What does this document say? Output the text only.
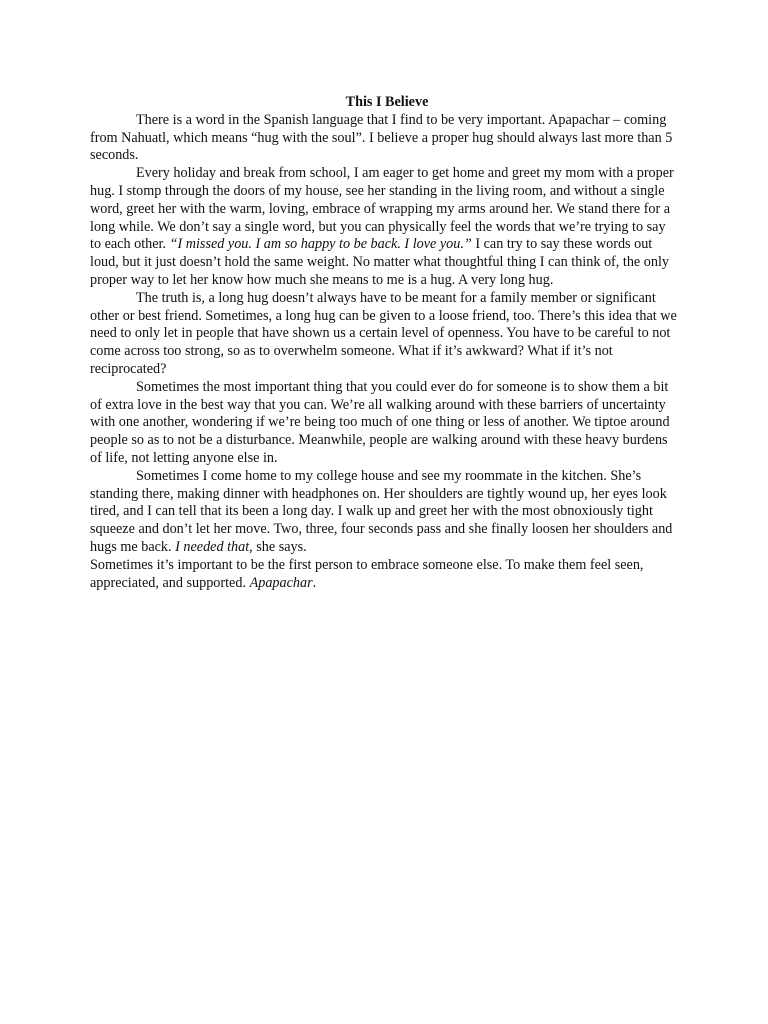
This I Believe

There is a word in the Spanish language that I find to be very important. Apapachar – coming from Nahuatl, which means “hug with the soul”. I believe a proper hug should always last more than 5 seconds.

Every holiday and break from school, I am eager to get home and greet my mom with a proper hug. I stomp through the doors of my house, see her standing in the living room, and without a single word, greet her with the warm, loving, embrace of wrapping my arms around her. We stand there for a long while. We don’t say a single word, but you can physically feel the words that we’re trying to say to each other. “I missed you. I am so happy to be back. I love you.” I can try to say these words out loud, but it just doesn’t hold the same weight. No matter what thoughtful thing I can think of, the only proper way to let her know how much she means to me is a hug. A very long hug.

The truth is, a long hug doesn’t always have to be meant for a family member or significant other or best friend. Sometimes, a long hug can be given to a loose friend, too. There’s this idea that we need to only let in people that have shown us a certain level of openness. You have to be careful to not come across too strong, so as to overwhelm someone. What if it’s awkward? What if it’s not reciprocated?

Sometimes the most important thing that you could ever do for someone is to show them a bit of extra love in the best way that you can. We’re all walking around with these barriers of uncertainty with one another, wondering if we’re being too much of one thing or less of another. We tiptoe around people so as to not be a disturbance. Meanwhile, people are walking around with these heavy burdens of life, not letting anyone else in.

Sometimes I come home to my college house and see my roommate in the kitchen. She’s standing there, making dinner with headphones on. Her shoulders are tightly wound up, her eyes look tired, and I can tell that its been a long day. I walk up and greet her with the most obnoxiously tight squeeze and don’t let her move. Two, three, four seconds pass and she finally loosen her shoulders and hugs me back. I needed that, she says.

Sometimes it’s important to be the first person to embrace someone else. To make them feel seen, appreciated, and supported. Apapachar.
